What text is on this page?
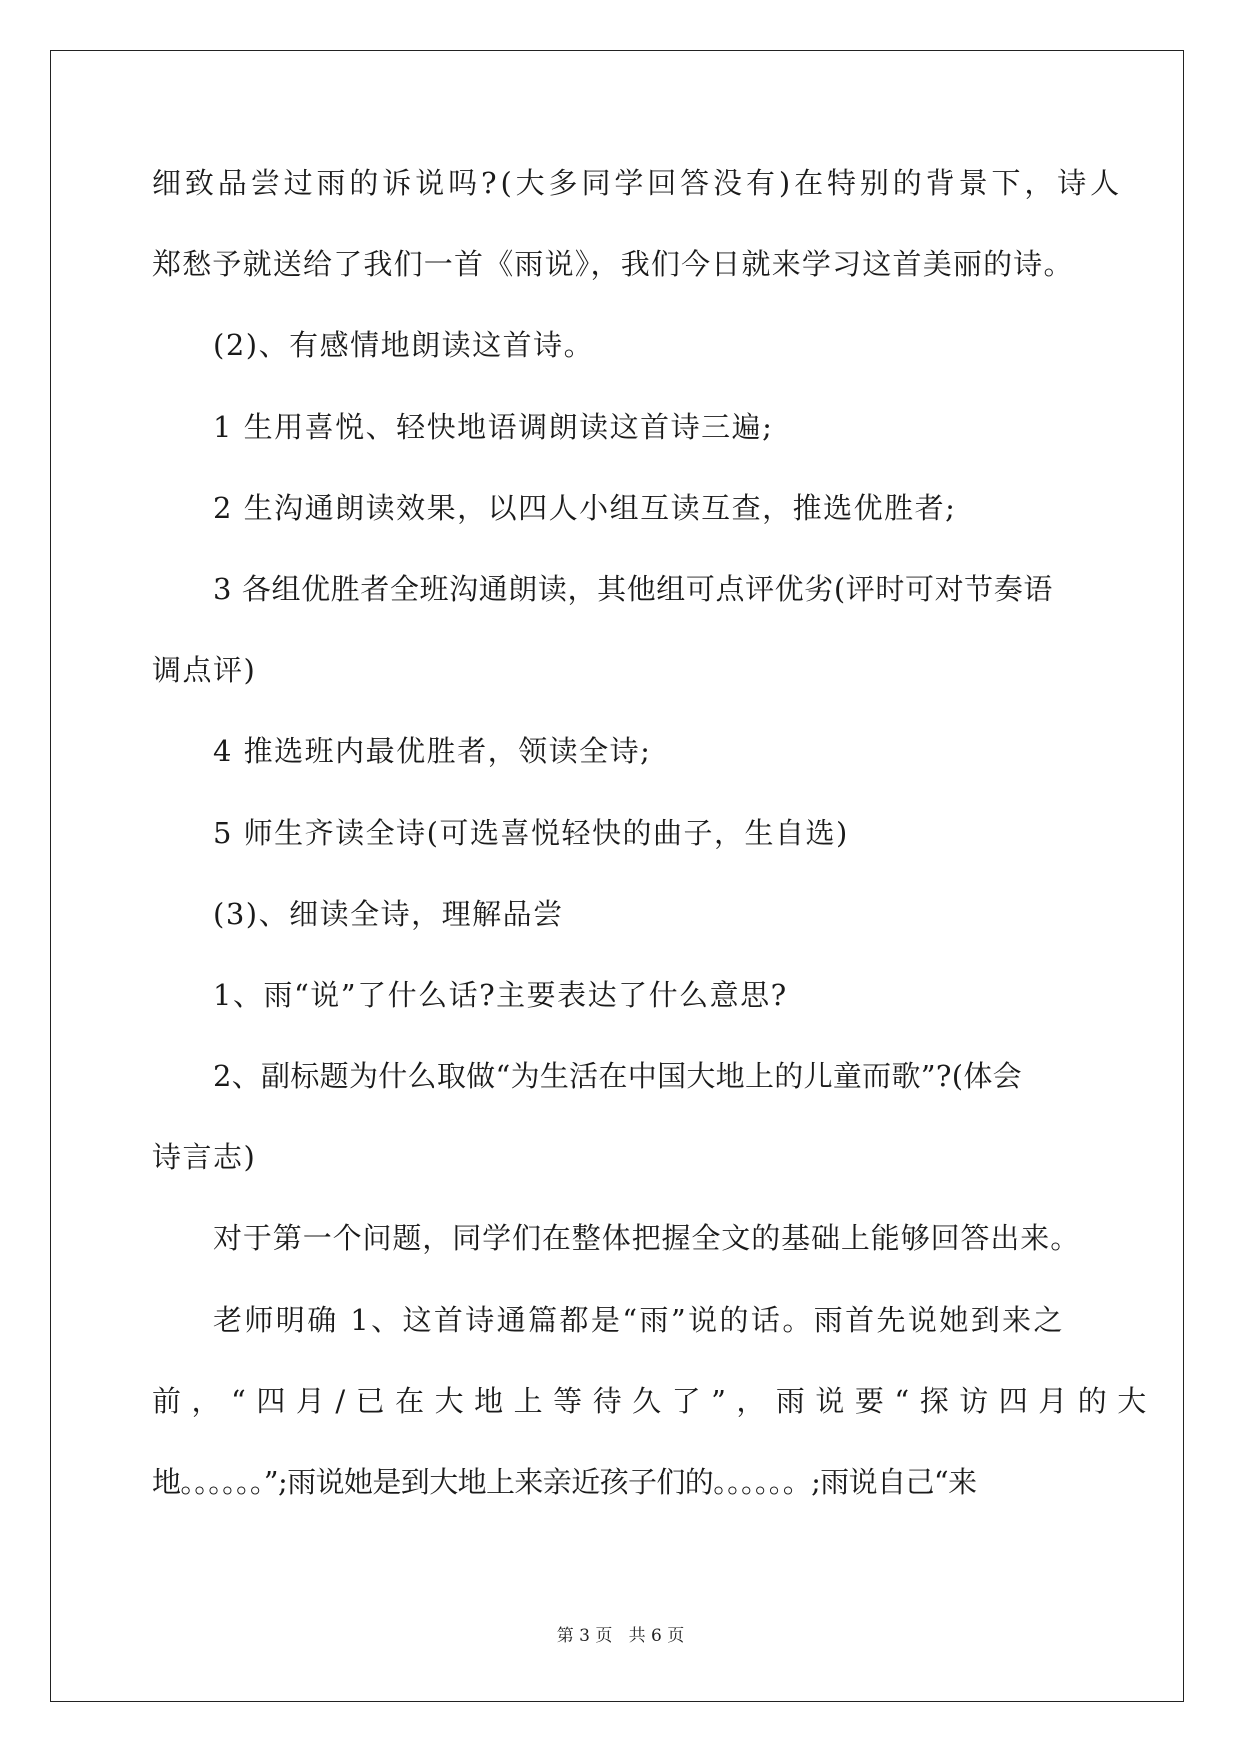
细致品尝过雨的诉说吗?(大多同学回答没有)在特别的背景下，诗人
郑愁予就送给了我们一首《雨说》，我们今日就来学习这首美丽的诗。
(2)、有感情地朗读这首诗。
1 生用喜悦、轻快地语调朗读这首诗三遍;
2 生沟通朗读效果，以四人小组互读互查，推选优胜者;
3 各组优胜者全班沟通朗读，其他组可点评优劣(评时可对节奏语
调点评)
4 推选班内最优胜者，领读全诗;
5 师生齐读全诗(可选喜悦轻快的曲子，生自选)
(3)、细读全诗，理解品尝
1、雨“说”了什么话?主要表达了什么意思?
2、副标题为什么取做“为生活在中国大地上的儿童而歌”?(体会
诗言志)
对于第一个问题，同学们在整体把握全文的基础上能够回答出来。
老师明确 1、这首诗通篇都是“雨”说的话。雨首先说她到来之
前，“四月/已在大地上等待久了”，雨说要“探访四月的大
地。。。。。。”;雨说她是到大地上来亲近孩子们的。。。。。。;雨说自己“来
第 3 页   共 6 页
